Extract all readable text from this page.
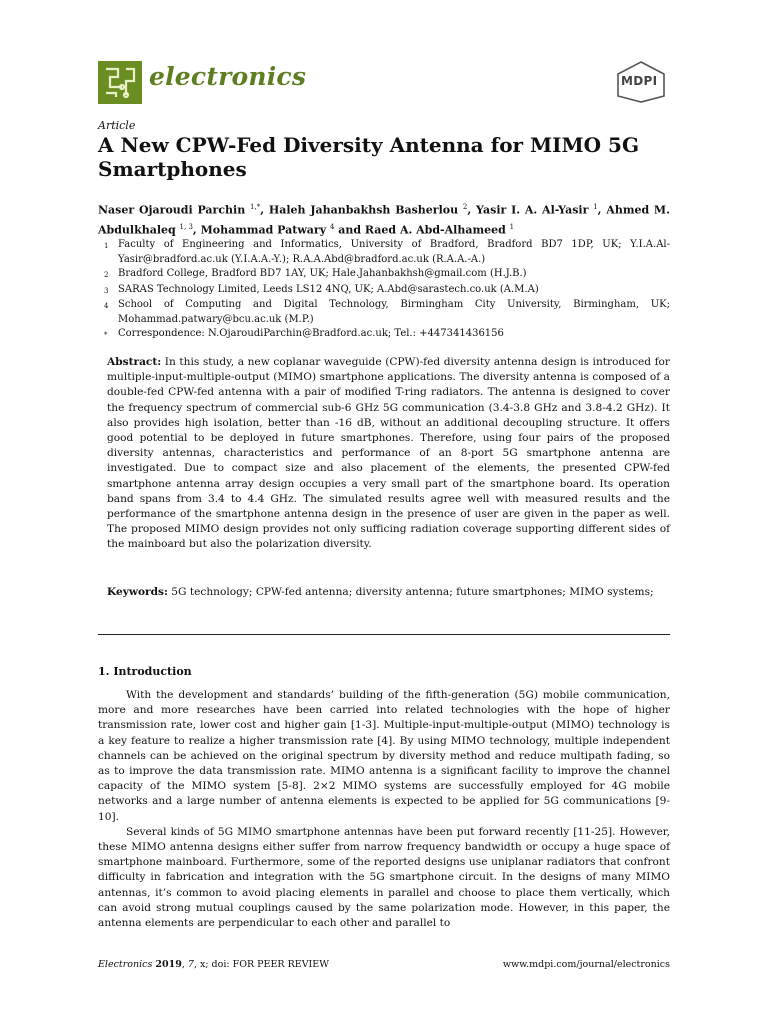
electronics	MDPI
Article
A New CPW-Fed Diversity Antenna for MIMO 5G Smartphones
Naser Ojaroudi Parchin $^{1,*}$, Haleh Jahanbakhsh Basherlou $^2$, Yasir I. A. Al-Yasir $^1$, Ahmed M. Abdulkhaleq $^{1, 3}$, Mohammad Patwary $^4$ and Raed A. Abd-Alhameed $^1$
1 Faculty of Engineering and Informatics, University of Bradford, Bradford BD7 1DP, UK; Y.I.A.Al-Yasir@bradford.ac.uk (Y.I.A.A.-Y.); R.A.A.Abd@bradford.ac.uk (R.A.A.-A.)
2 Bradford College, Bradford BD7 1AY, UK; Hale.Jahanbakhsh@gmail.com (H.J.B.)
3 SARAS Technology Limited, Leeds LS12 4NQ, UK; A.Abd@sarastech.co.uk (A.M.A)
4 School of Computing and Digital Technology, Birmingham City University, Birmingham, UK; Mohammad.patwary@bcu.ac.uk (M.P.)
*	Correspondence: N.OjaroudiParchin@Bradford.ac.uk; Tel.: +447341436156

Abstract: In this study, a new coplanar waveguide (CPW)-fed diversity antenna design is introduced for multiple-input-multiple-output (MIMO) smartphone applications. The diversity antenna is composed of a double-fed CPW-fed antenna with a pair of modified T-ring radiators. The antenna is designed to cover the frequency spectrum of commercial sub-6 GHz 5G communication (3.4-3.8 GHz and 3.8-4.2 GHz). It also provides high isolation, better than -16 dB, without an additional decoupling structure. It offers good potential to be deployed in future smartphones. Therefore, using four pairs of the proposed diversity antennas, characteristics and performance of an 8-port 5G smartphone antenna are investigated. Due to compact size and also placement of the elements, the presented CPW-fed smartphone antenna array design occupies a very small part of the smartphone board. Its operation band spans from 3.4 to 4.4 GHz. The simulated results agree well with measured results and the performance of the smartphone antenna design in the presence of user are given in the paper as well. The proposed MIMO design provides not only sufficing radiation coverage supporting different sides of the mainboard but also the polarization diversity.

Keywords: 5G technology; CPW-fed antenna; diversity antenna; future smartphones; MIMO systems;

1. Introduction

With the development and standards’ building of the fifth-generation (5G) mobile communication, more and more researches have been carried into related technologies with the hope of higher transmission rate, lower cost and higher gain [1-3]. Multiple-input-multiple-output (MIMO) technology is a key feature to realize a higher transmission rate [4]. By using MIMO technology, multiple independent channels can be achieved on the original spectrum by diversity method and reduce multipath fading, so as to improve the data transmission rate. MIMO antenna is a significant facility to improve the channel capacity of the MIMO system [5-8]. 2×2 MIMO systems are successfully employed for 4G mobile networks and a large number of antenna elements is expected to be applied for 5G communications [9-10].

Several kinds of 5G MIMO smartphone antennas have been put forward recently [11-25]. However, these MIMO antenna designs either suffer from narrow frequency bandwidth or occupy a huge space of smartphone mainboard. Furthermore, some of the reported designs use uniplanar radiators that confront difficulty in fabrication and integration with the 5G smartphone circuit. In the designs of many MIMO antennas, it’s common to avoid placing elements in parallel and choose to place them vertically, which can avoid strong mutual couplings caused by the same polarization mode. However, in this paper, the antenna elements are perpendicular to each other and parallel to

Electronics 2019, 7, x; doi: FOR PEER REVIEW	www.mdpi.com/journal/electronics
